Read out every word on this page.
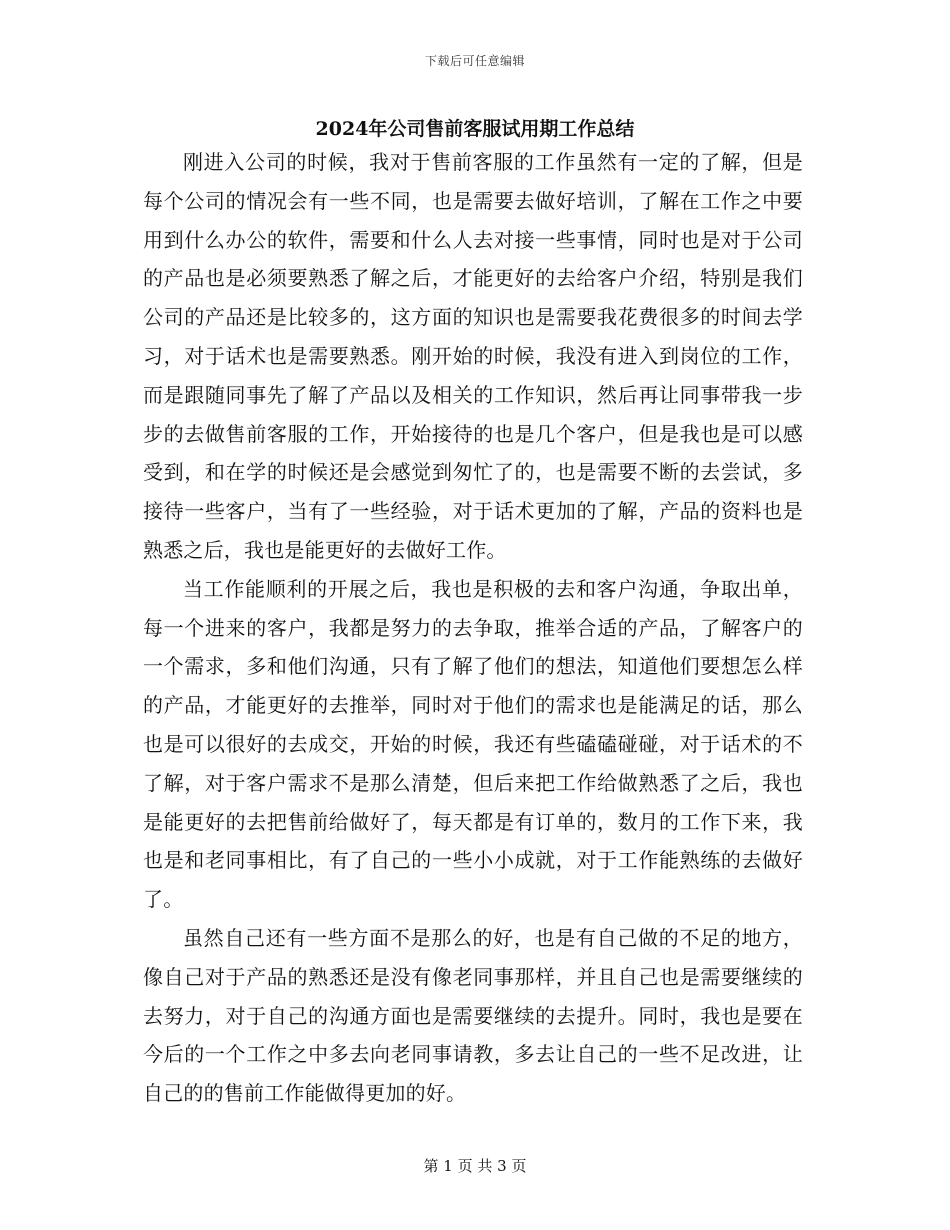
下载后可任意编辑
2024年公司售前客服试用期工作总结

刚进入公司的时候，我对于售前客服的工作虽然有一定的了解，但是每个公司的情况会有一些不同，也是需要去做好培训，了解在工作之中要用到什么办公的软件，需要和什么人去对接一些事情，同时也是对于公司的产品也是必须要熟悉了解之后，才能更好的去给客户介绍，特别是我们公司的产品还是比较多的，这方面的知识也是需要我花费很多的时间去学习，对于话术也是需要熟悉。刚开始的时候，我没有进入到岗位的工作，而是跟随同事先了解了产品以及相关的工作知识，然后再让同事带我一步步的去做售前客服的工作，开始接待的也是几个客户，但是我也是可以感受到，和在学的时候还是会感觉到匆忙了的，也是需要不断的去尝试，多接待一些客户，当有了一些经验，对于话术更加的了解，产品的资料也是熟悉之后，我也是能更好的去做好工作。

当工作能顺利的开展之后，我也是积极的去和客户沟通，争取出单，每一个进来的客户，我都是努力的去争取，推举合适的产品，了解客户的一个需求，多和他们沟通，只有了解了他们的想法，知道他们要想怎么样的产品，才能更好的去推举，同时对于他们的需求也是能满足的话，那么也是可以很好的去成交，开始的时候，我还有些磕磕碰碰，对于话术的不了解，对于客户需求不是那么清楚，但后来把工作给做熟悉了之后，我也是能更好的去把售前给做好了，每天都是有订单的，数月的工作下来，我也是和老同事相比，有了自己的一些小小成就，对于工作能熟练的去做好了。

虽然自己还有一些方面不是那么的好，也是有自己做的不足的地方，像自己对于产品的熟悉还是没有像老同事那样，并且自己也是需要继续的去努力，对于自己的沟通方面也是需要继续的去提升。同时，我也是要在今后的一个工作之中多去向老同事请教，多去让自己的一些不足改进，让自己的的售前工作能做得更加的好。

第 1 页 共 3 页
